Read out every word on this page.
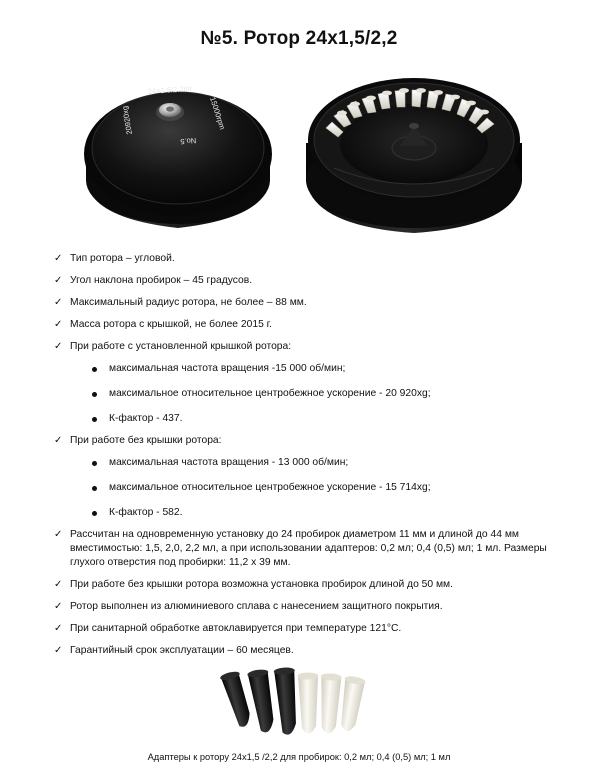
№5. Ротор 24х1,5/2,2
24×1.5/2.2ml
15000rpm
20920xg
No.5
✓ Тип ротора – угловой.
✓ Угол наклона пробирок – 45 градусов.
✓ Максимальный радиус ротора, не более – 88 мм.
✓ Масса ротора с крышкой, не более 2015 г.
✓ При работе с установленной крышкой ротора:
максимальная частота вращения -15 000 об/мин;
максимальное относительное центробежное ускорение - 20 920xg;
К-фактор - 437.
✓ При работе без крышки ротора:
максимальная частота вращения - 13 000 об/мин;
максимальное относительное центробежное ускорение - 15 714xg;
К-фактор - 582.
✓ Рассчитан на одновременную установку до 24 пробирок диаметром 11 мм и длиной до 44 мм вместимостью: 1,5, 2,0, 2,2 мл, а при использовании адаптеров: 0,2 мл; 0,4 (0,5) мл; 1 мл. Размеры глухого отверстия под пробирки: 11,2 х 39 мм.
✓ При работе без крышки ротора возможна установка пробирок длиной до 50 мм.
✓ Ротор выполнен из алюминиевого сплава с нанесением защитного покрытия.
✓ При санитарной обработке автоклавируется при температуре 121°С.
✓ Гарантийный срок эксплуатации – 60 месяцев.
Адаптеры к ротору 24х1,5 /2,2 для пробирок: 0,2 мл; 0,4 (0,5) мл; 1 мл
